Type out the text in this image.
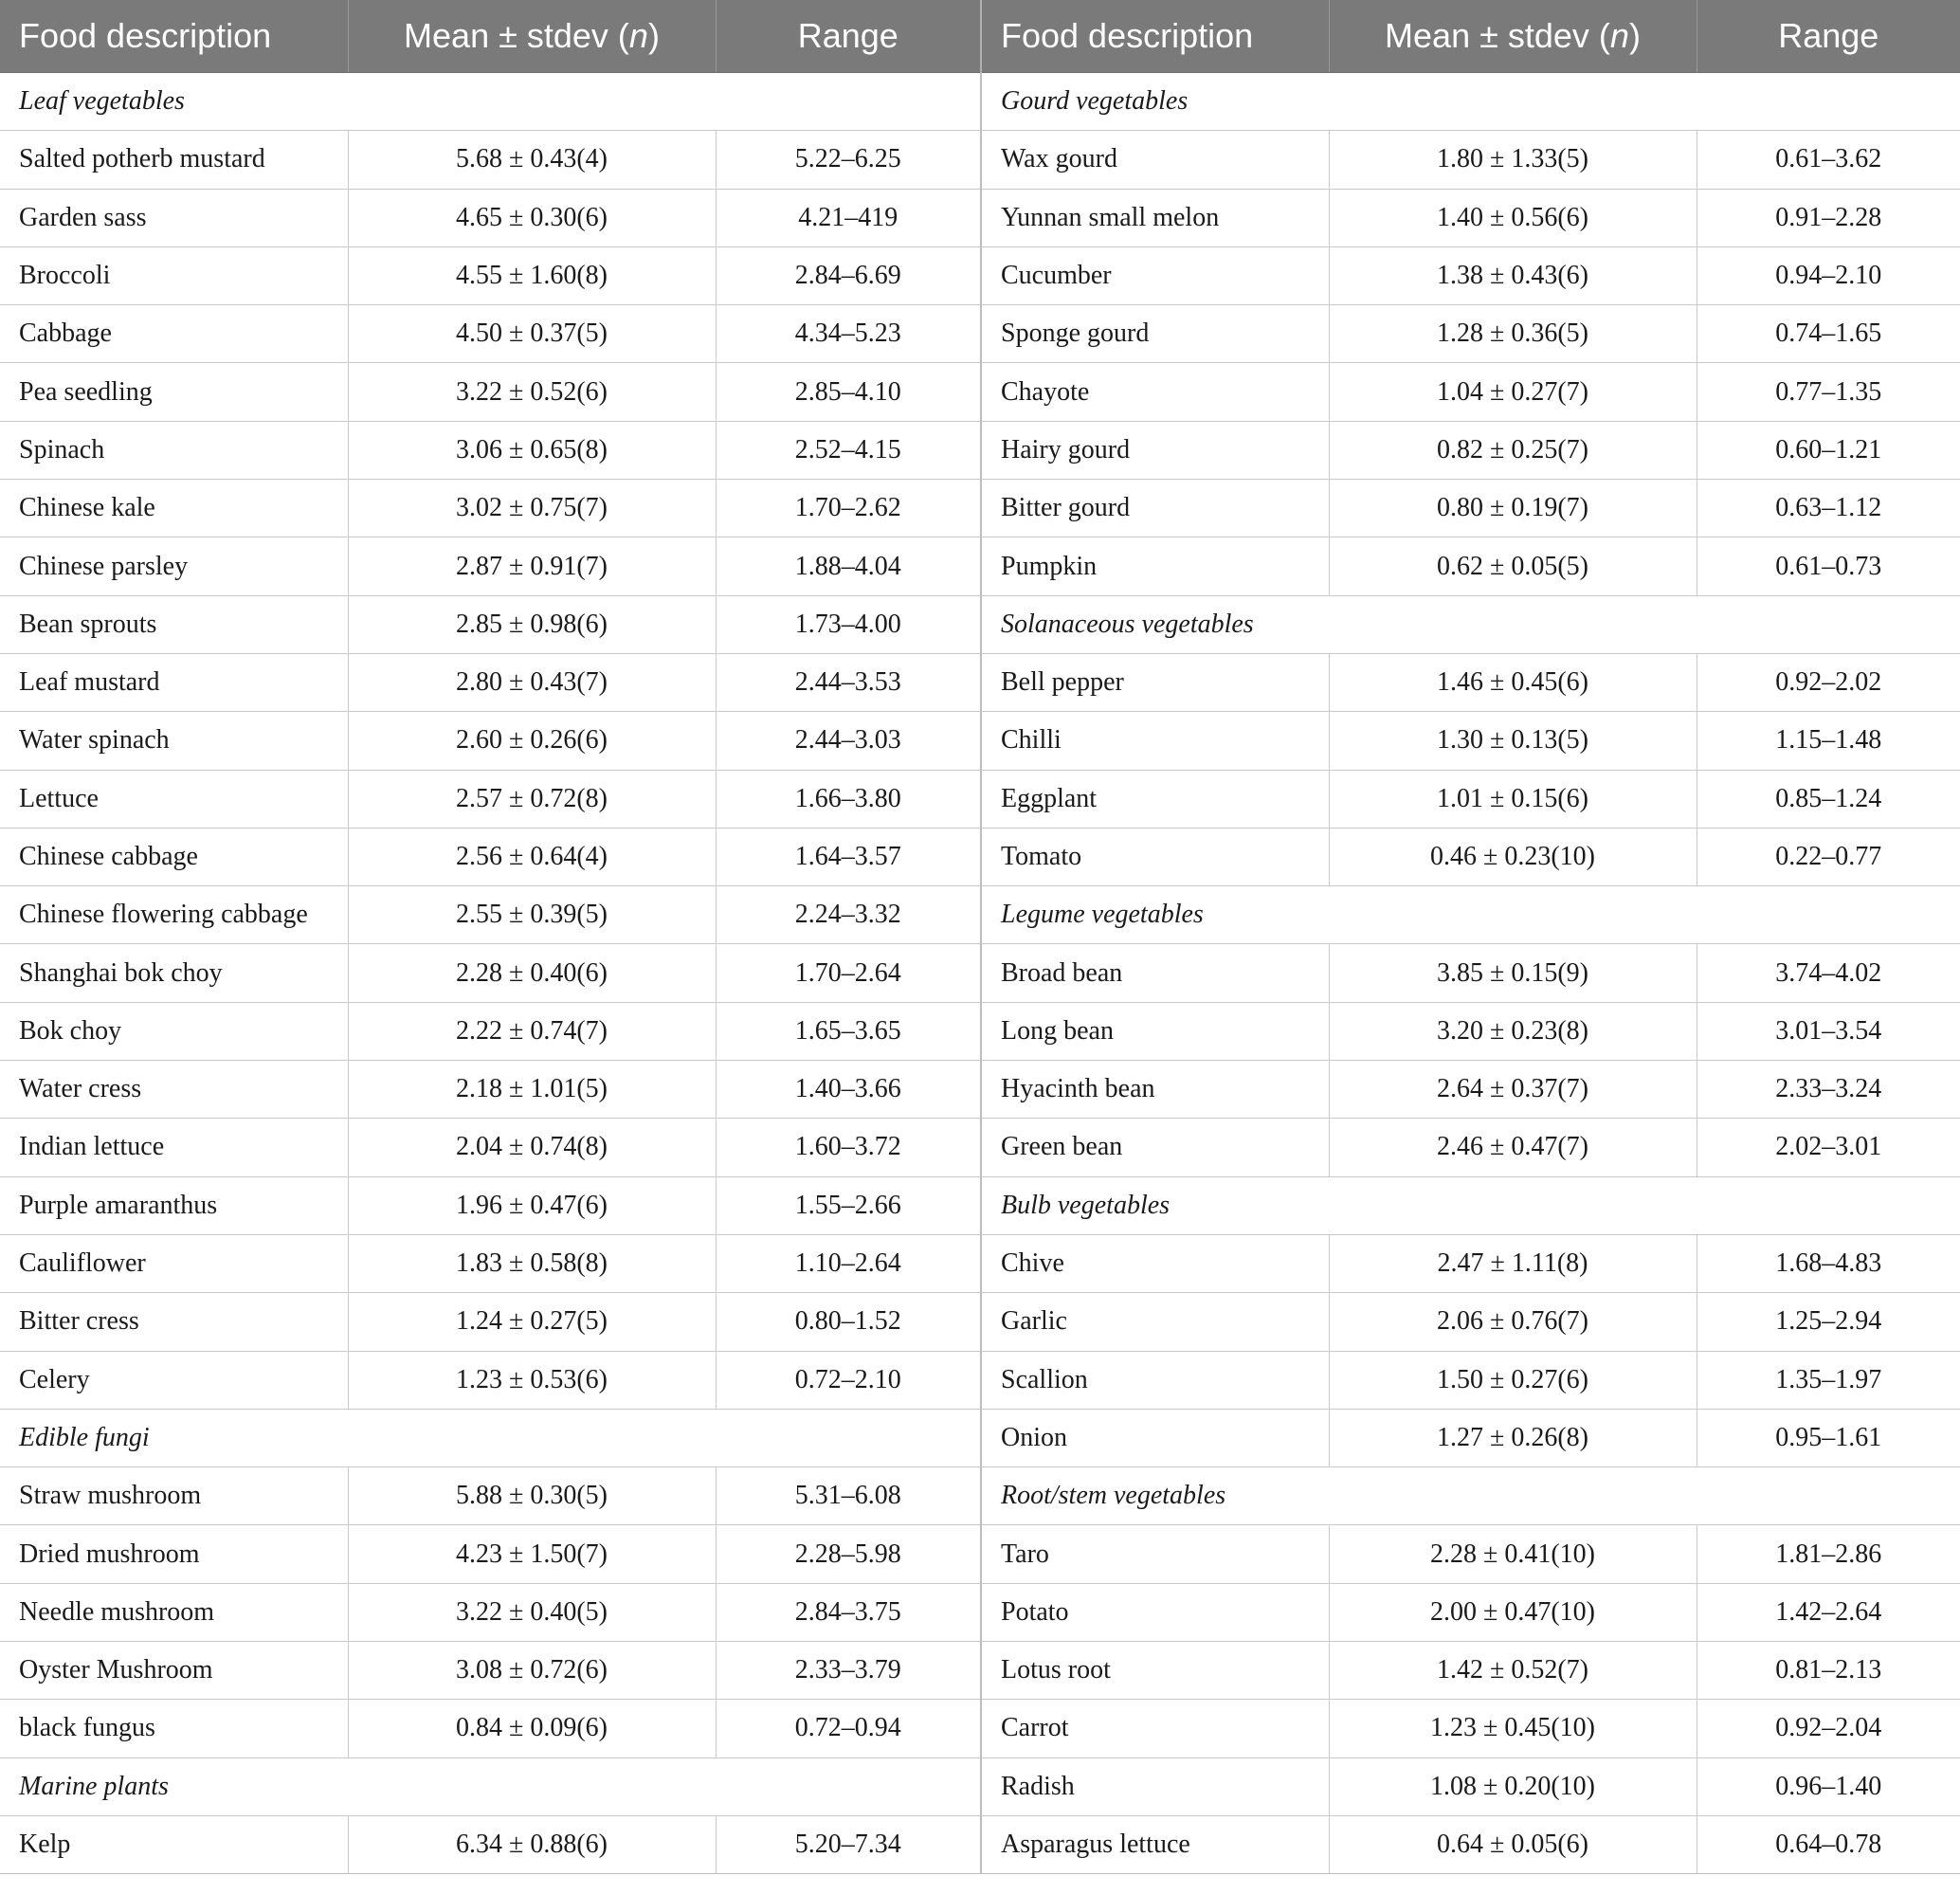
Food description	Mean ± stdev (n)	Range	Food description	Mean ± stdev (n)	Range
Leaf vegetables			Gourd vegetables		
Salted potherb mustard	5.68 ± 0.43(4)	5.22–6.25	Wax gourd	1.80 ± 1.33(5)	0.61–3.62
Garden sass	4.65 ± 0.30(6)	4.21–419	Yunnan small melon	1.40 ± 0.56(6)	0.91–2.28
Broccoli	4.55 ± 1.60(8)	2.84–6.69	Cucumber	1.38 ± 0.43(6)	0.94–2.10
Cabbage	4.50 ± 0.37(5)	4.34–5.23	Sponge gourd	1.28 ± 0.36(5)	0.74–1.65
Pea seedling	3.22 ± 0.52(6)	2.85–4.10	Chayote	1.04 ± 0.27(7)	0.77–1.35
Spinach	3.06 ± 0.65(8)	2.52–4.15	Hairy gourd	0.82 ± 0.25(7)	0.60–1.21
Chinese kale	3.02 ± 0.75(7)	1.70–2.62	Bitter gourd	0.80 ± 0.19(7)	0.63–1.12
Chinese parsley	2.87 ± 0.91(7)	1.88–4.04	Pumpkin	0.62 ± 0.05(5)	0.61–0.73
Bean sprouts	2.85 ± 0.98(6)	1.73–4.00	Solanaceous vegetables		
Leaf mustard	2.80 ± 0.43(7)	2.44–3.53	Bell pepper	1.46 ± 0.45(6)	0.92–2.02
Water spinach	2.60 ± 0.26(6)	2.44–3.03	Chilli	1.30 ± 0.13(5)	1.15–1.48
Lettuce	2.57 ± 0.72(8)	1.66–3.80	Eggplant	1.01 ± 0.15(6)	0.85–1.24
Chinese cabbage	2.56 ± 0.64(4)	1.64–3.57	Tomato	0.46 ± 0.23(10)	0.22–0.77
Chinese flowering cabbage	2.55 ± 0.39(5)	2.24–3.32	Legume vegetables		
Shanghai bok choy	2.28 ± 0.40(6)	1.70–2.64	Broad bean	3.85 ± 0.15(9)	3.74–4.02
Bok choy	2.22 ± 0.74(7)	1.65–3.65	Long bean	3.20 ± 0.23(8)	3.01–3.54
Water cress	2.18 ± 1.01(5)	1.40–3.66	Hyacinth bean	2.64 ± 0.37(7)	2.33–3.24
Indian lettuce	2.04 ± 0.74(8)	1.60–3.72	Green bean	2.46 ± 0.47(7)	2.02–3.01
Purple amaranthus	1.96 ± 0.47(6)	1.55–2.66	Bulb vegetables		
Cauliflower	1.83 ± 0.58(8)	1.10–2.64	Chive	2.47 ± 1.11(8)	1.68–4.83
Bitter cress	1.24 ± 0.27(5)	0.80–1.52	Garlic	2.06 ± 0.76(7)	1.25–2.94
Celery	1.23 ± 0.53(6)	0.72–2.10	Scallion	1.50 ± 0.27(6)	1.35–1.97
Edible fungi			Onion	1.27 ± 0.26(8)	0.95–1.61
Straw mushroom	5.88 ± 0.30(5)	5.31–6.08	Root/stem vegetables		
Dried mushroom	4.23 ± 1.50(7)	2.28–5.98	Taro	2.28 ± 0.41(10)	1.81–2.86
Needle mushroom	3.22 ± 0.40(5)	2.84–3.75	Potato	2.00 ± 0.47(10)	1.42–2.64
Oyster Mushroom	3.08 ± 0.72(6)	2.33–3.79	Lotus root	1.42 ± 0.52(7)	0.81–2.13
black fungus	0.84 ± 0.09(6)	0.72–0.94	Carrot	1.23 ± 0.45(10)	0.92–2.04
Marine plants			Radish	1.08 ± 0.20(10)	0.96–1.40
Kelp	6.34 ± 0.88(6)	5.20–7.34	Asparagus lettuce	0.64 ± 0.05(6)	0.64–0.78
